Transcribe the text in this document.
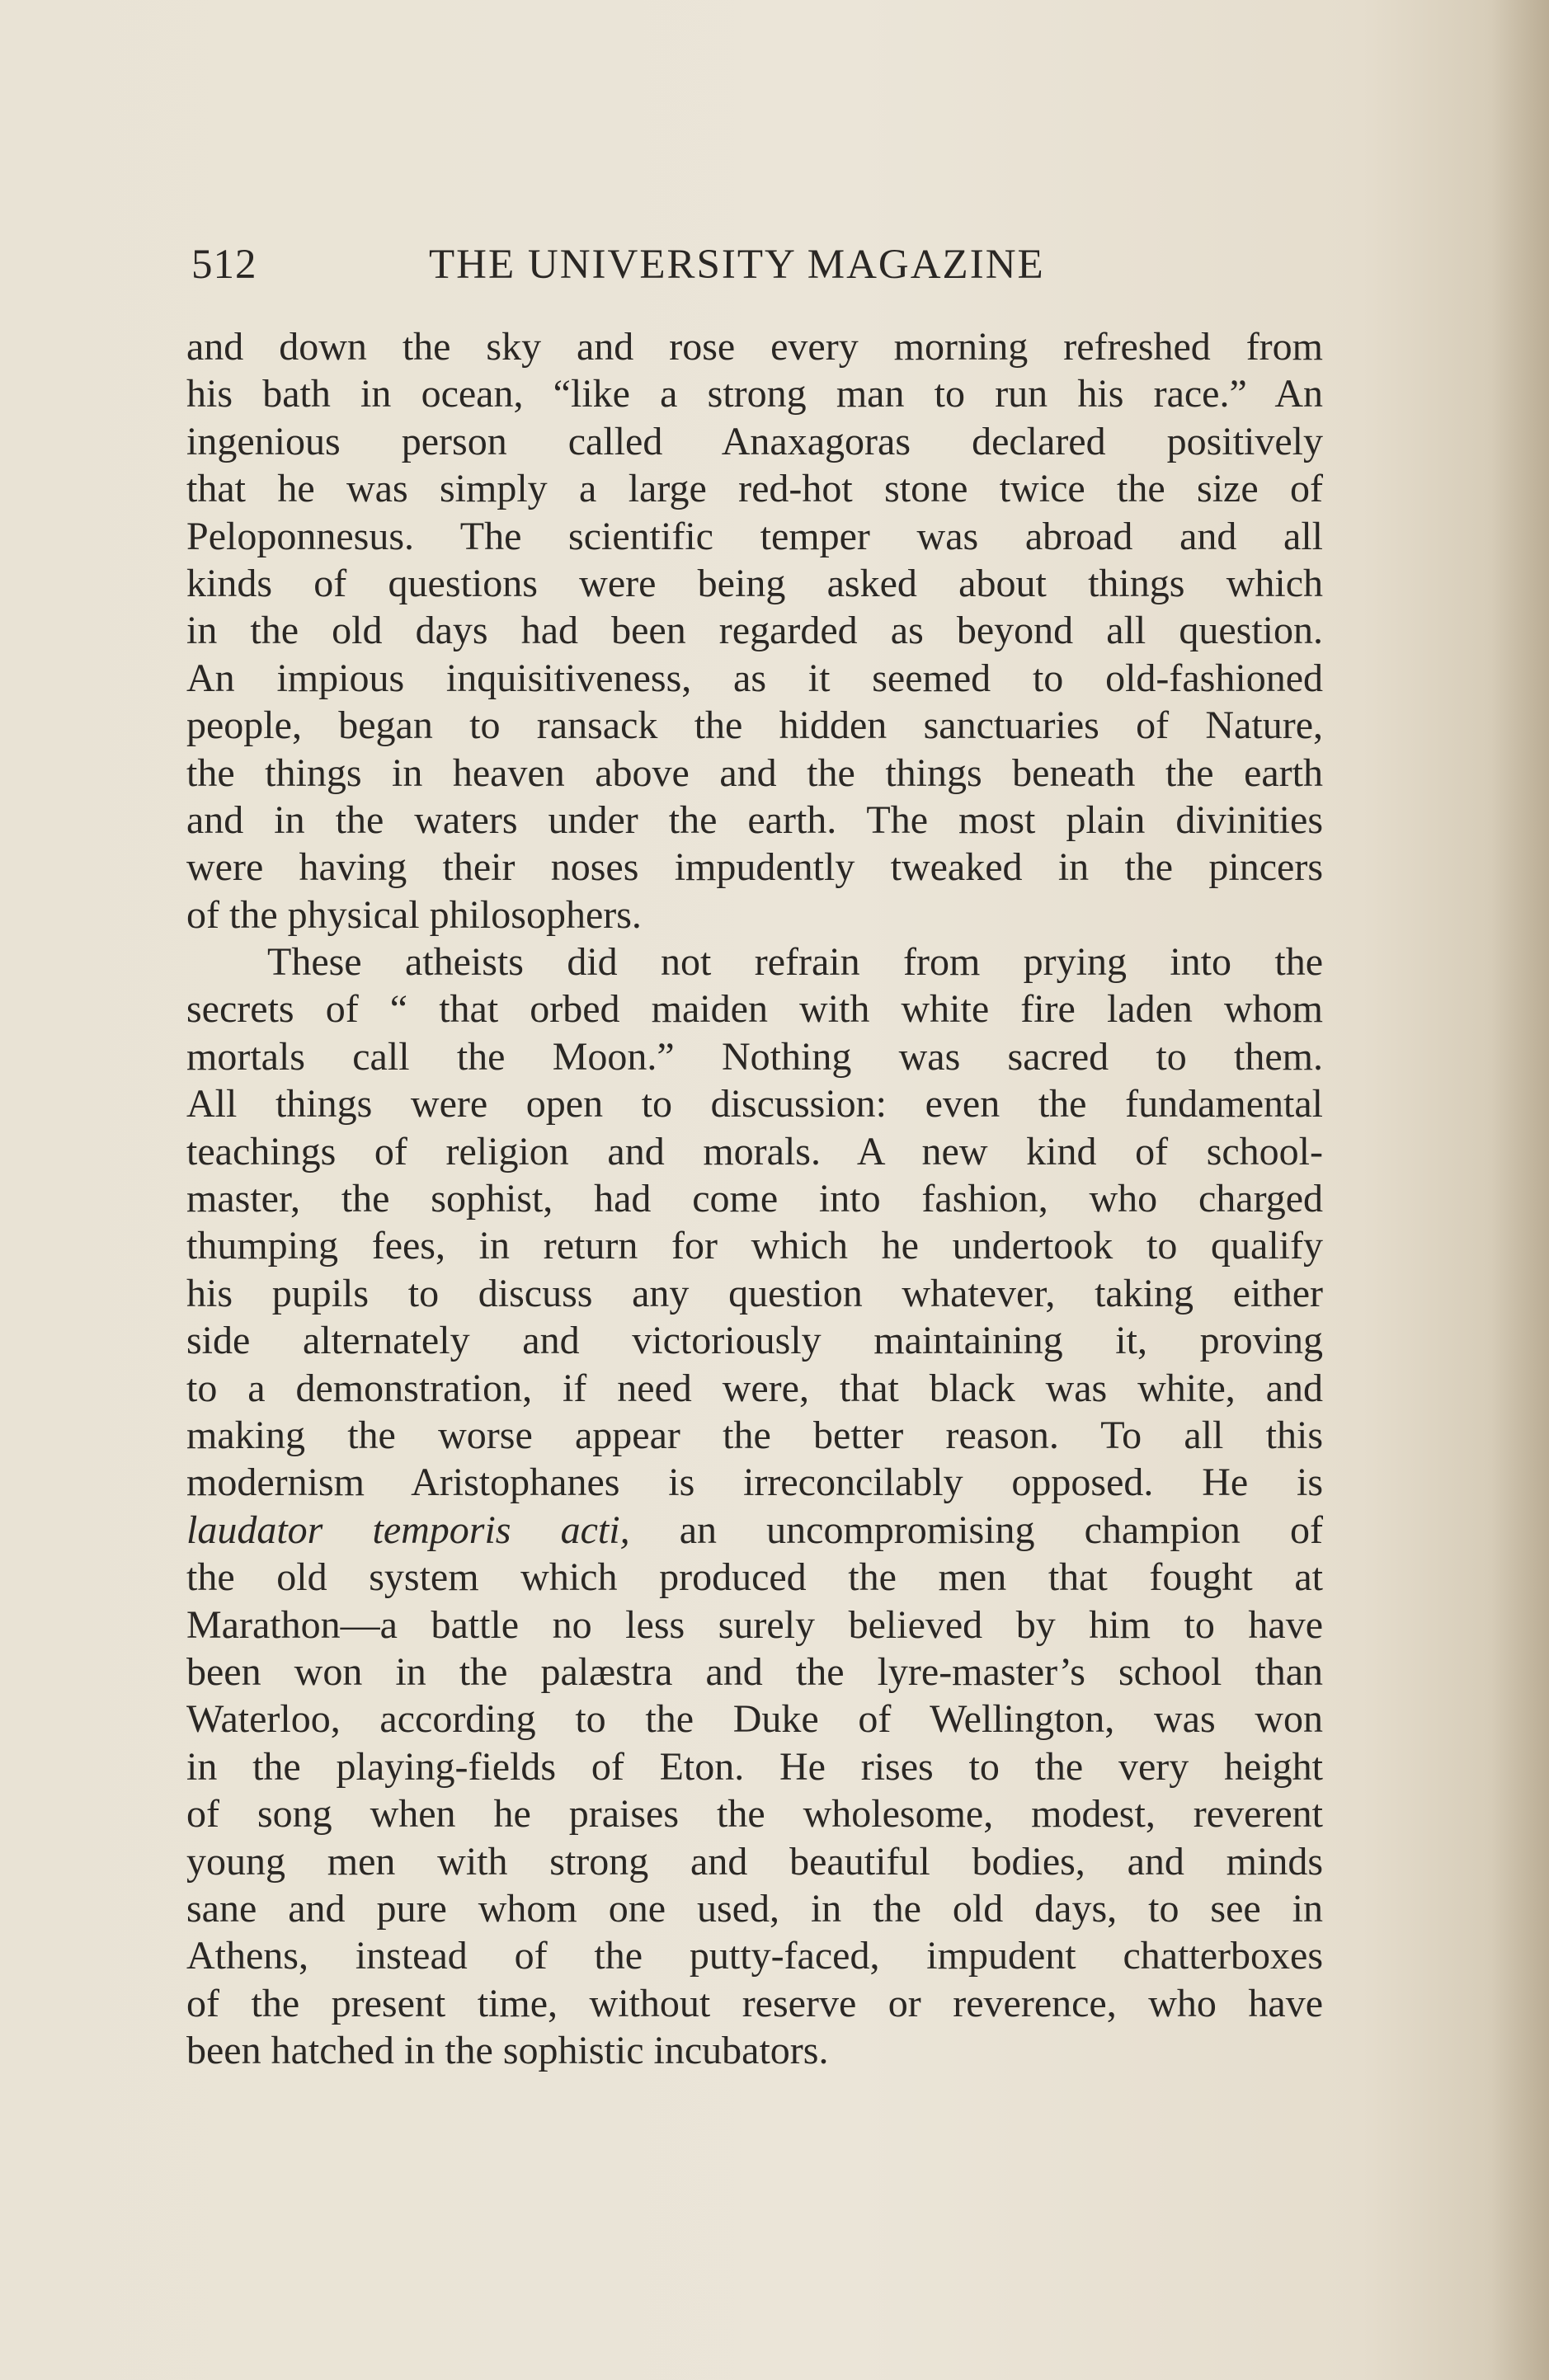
512	THE UNIVERSITY MAGAZINE
and down the sky and rose every morning refreshed from
his bath in ocean, “like a strong man to run his race.” An
ingenious person called Anaxagoras declared positively
that he was simply a large red-hot stone twice the size of
Peloponnesus. The scientific temper was abroad and all
kinds of questions were being asked about things which
in the old days had been regarded as beyond all question.
An impious inquisitiveness, as it seemed to old-fashioned
people, began to ransack the hidden sanctuaries of Nature,
the things in heaven above and the things beneath the earth
and in the waters under the earth. The most plain divinities
were having their noses impudently tweaked in the pincers
of the physical philosophers.
These atheists did not refrain from prying into the
secrets of “ that orbed maiden with white fire laden whom
mortals call the Moon.” Nothing was sacred to them.
All things were open to discussion: even the fundamental
teachings of religion and morals. A new kind of school-
master, the sophist, had come into fashion, who charged
thumping fees, in return for which he undertook to qualify
his pupils to discuss any question whatever, taking either
side alternately and victoriously maintaining it, proving
to a demonstration, if need were, that black was white, and
making the worse appear the better reason. To all this
modernism Aristophanes is irreconcilably opposed. He is
laudator temporis acti, an uncompromising champion of
the old system which produced the men that fought at
Marathon—a battle no less surely believed by him to have
been won in the palæstra and the lyre-master’s school than
Waterloo, according to the Duke of Wellington, was won
in the playing-fields of Eton. He rises to the very height
of song when he praises the wholesome, modest, reverent
young men with strong and beautiful bodies, and minds
sane and pure whom one used, in the old days, to see in
Athens, instead of the putty-faced, impudent chatterboxes
of the present time, without reserve or reverence, who have
been hatched in the sophistic incubators.
